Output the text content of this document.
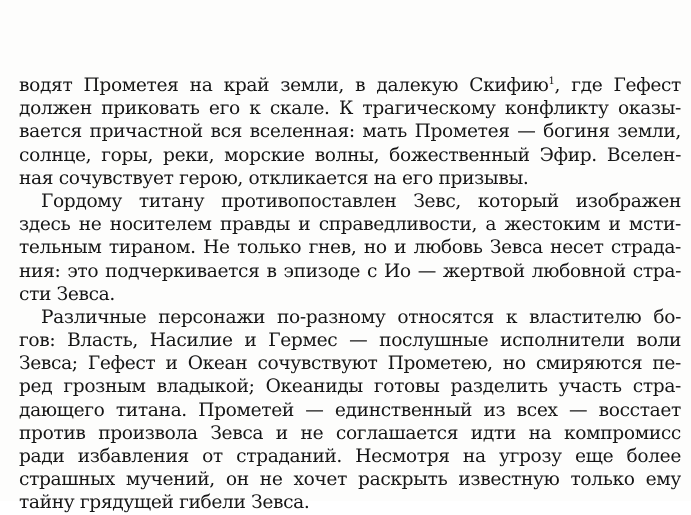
водят Прометея на край земли, в далекую Скифию$^1$, где Гефест
должен приковать его к скале. К трагическому конфликту оказы-
вается причастной вся вселенная: мать Прометея — богиня земли,
солнце, горы, реки, морские волны, божественный Эфир. Вселен-
ная сочувствует герою, откликается на его призывы.
Гордому титану противопоставлен Зевс, который изображен
здесь не носителем правды и справедливости, а жестоким и мсти-
тельным тираном. Не только гнев, но и любовь Зевса несет страда-
ния: это подчеркивается в эпизоде с Ио — жертвой любовной стра-
сти Зевса.
Различные персонажи по-разному относятся к властителю бо-
гов: Власть, Насилие и Гермес — послушные исполнители воли
Зевса; Гефест и Океан сочувствуют Прометею, но смиряются пе-
ред грозным владыкой; Океаниды готовы разделить участь стра-
дающего титана. Прометей — единственный из всех — восстает
против произвола Зевса и не соглашается идти на компромисс
ради избавления от страданий. Несмотря на угрозу еще более
страшных мучений, он не хочет раскрыть известную только ему
тайну грядущей гибели Зевса.
